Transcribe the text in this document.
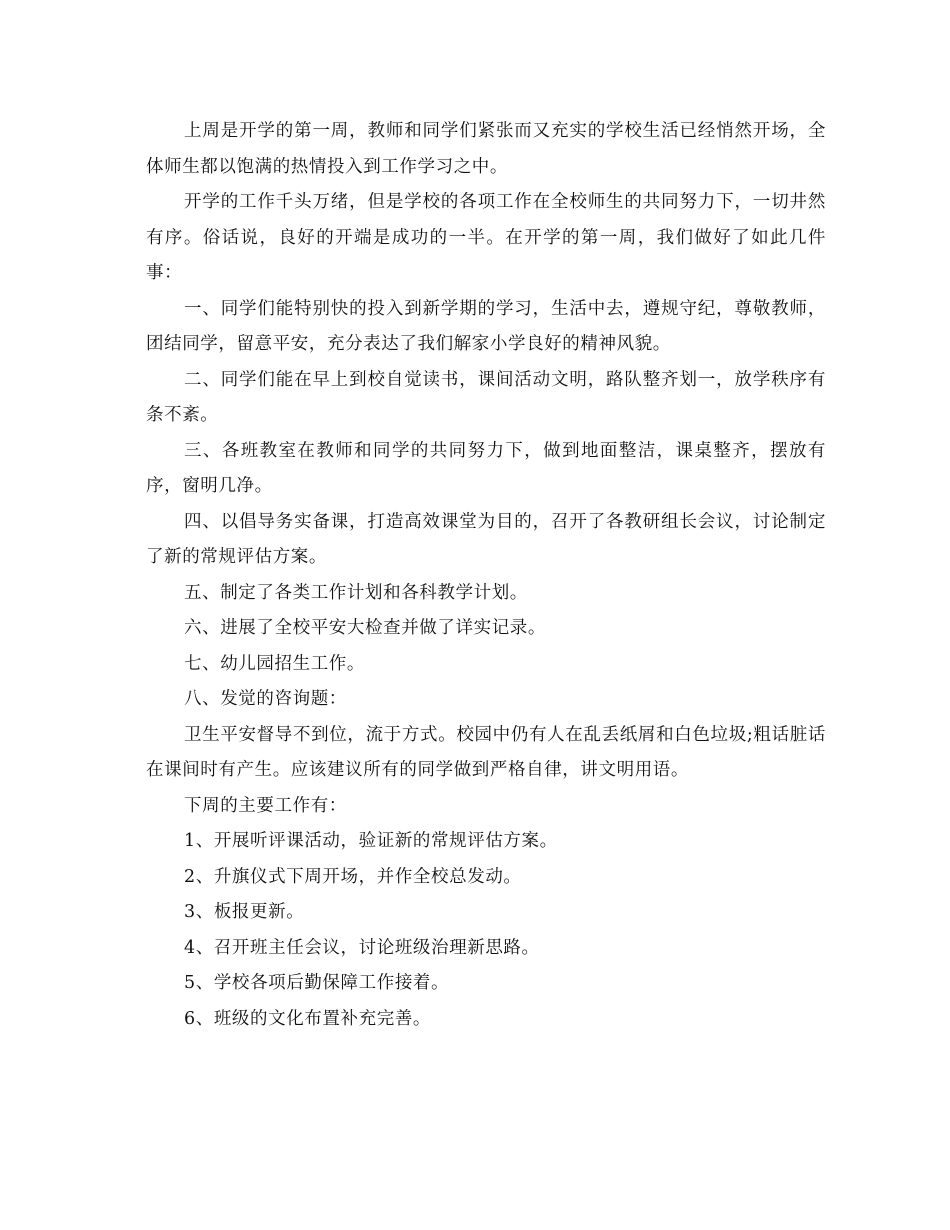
上周是开学的第一周，教师和同学们紧张而又充实的学校生活已经悄然开场，全体师生都以饱满的热情投入到工作学习之中。

开学的工作千头万绪，但是学校的各项工作在全校师生的共同努力下，一切井然有序。俗话说，良好的开端是成功的一半。在开学的第一周，我们做好了如此几件事：

一、同学们能特别快的投入到新学期的学习，生活中去，遵规守纪，尊敬教师，团结同学，留意平安，充分表达了我们解家小学良好的精神风貌。

二、同学们能在早上到校自觉读书，课间活动文明，路队整齐划一，放学秩序有条不紊。

三、各班教室在教师和同学的共同努力下，做到地面整洁，课桌整齐，摆放有序，窗明几净。

四、以倡导务实备课，打造高效课堂为目的，召开了各教研组长会议，讨论制定了新的常规评估方案。

五、制定了各类工作计划和各科教学计划。

六、进展了全校平安大检查并做了详实记录。

七、幼儿园招生工作。

八、发觉的咨询题：

卫生平安督导不到位，流于方式。校园中仍有人在乱丢纸屑和白色垃圾;粗话脏话在课间时有产生。应该建议所有的同学做到严格自律，讲文明用语。

下周的主要工作有：

1、开展听评课活动，验证新的常规评估方案。

2、升旗仪式下周开场，并作全校总发动。

3、板报更新。

4、召开班主任会议，讨论班级治理新思路。

5、学校各项后勤保障工作接着。

6、班级的文化布置补充完善。
